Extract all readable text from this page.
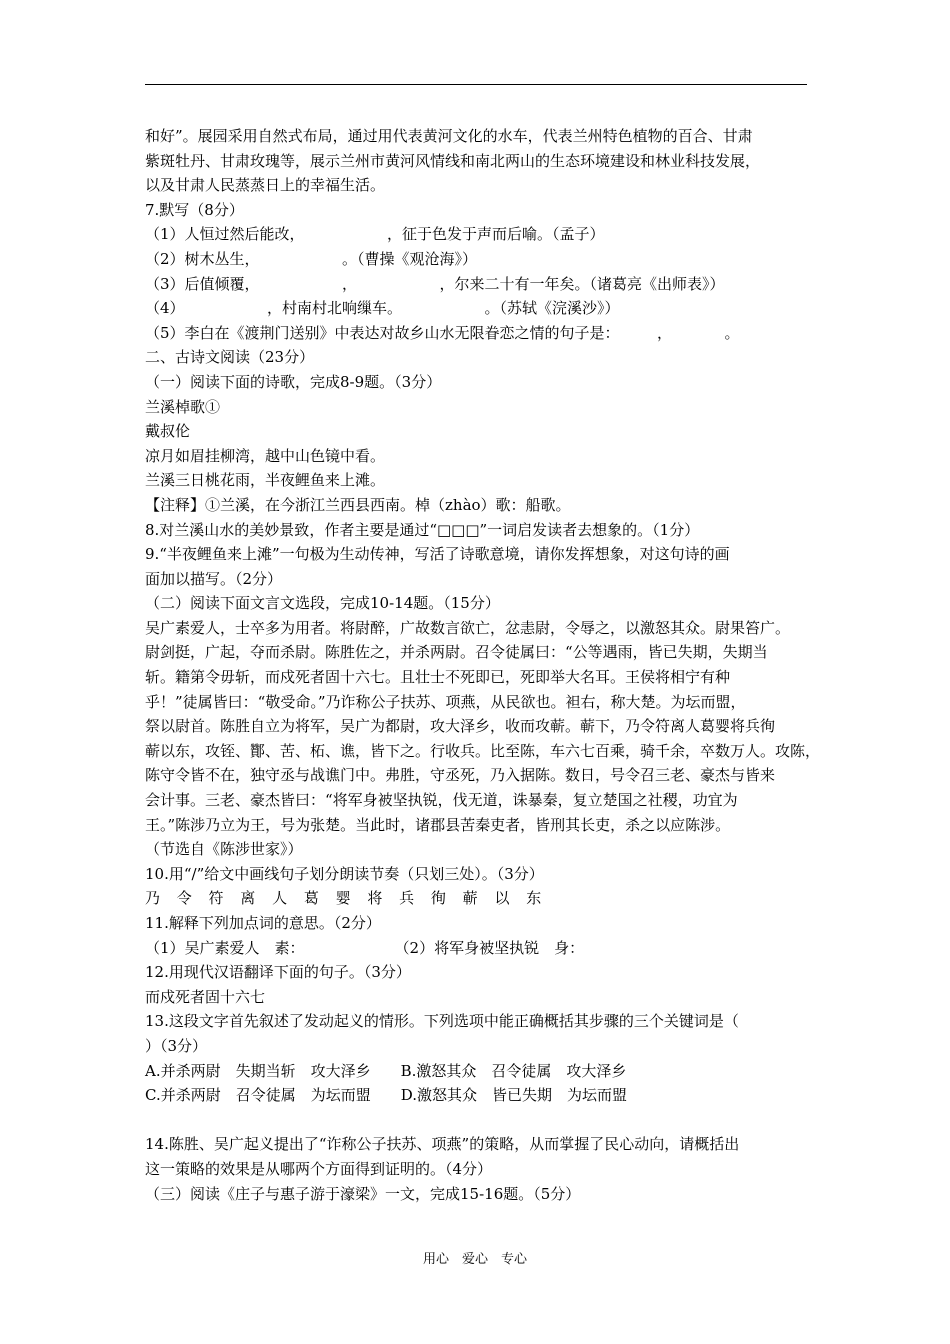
和好”。展园采用自然式布局，通过用代表黄河文化的水车，代表兰州特色植物的百合、甘肃
紫斑牡丹、甘肃玫瑰等，展示兰州市黄河风情线和南北两山的生态环境建设和林业科技发展，
以及甘肃人民蒸蒸日上的幸福生活。
7.默写（8分）
（1）人恒过然后能改，　　　　　　，征于色发于声而后喻。（孟子）
（2）树木丛生，　　　　　　。（曹操《观沧海》）
（3）后值倾覆，　　　　　　，　　　　　　，尔来二十有一年矣。（诸葛亮《出师表》）
（4）　　　　　　，村南村北响缫车。　　　　　　。（苏轼《浣溪沙》）
（5）李白在《渡荆门送别》中表达对故乡山水无限眷恋之情的句子是：　　　，　　　　。
二、古诗文阅读（23分）
（一）阅读下面的诗歌，完成8-9题。（3分）
兰溪棹歌①
戴叔伦
凉月如眉挂柳湾，越中山色镜中看。
兰溪三日桃花雨，半夜鲤鱼来上滩。
【注释】①兰溪，在今浙江兰西县西南。棹（zhào）歌：船歌。
8.对兰溪山水的美妙景致，作者主要是通过“□□□”一词启发读者去想象的。（1分）
9.“半夜鲤鱼来上滩”一句极为生动传神，写活了诗歌意境，请你发挥想象，对这句诗的画
面加以描写。（2分）
（二）阅读下面文言文选段，完成10-14题。（15分）
吴广素爱人，士卒多为用者。将尉醉，广故数言欲亡，忿恚尉，令辱之，以激怒其众。尉果笞广。
尉剑挺，广起，夺而杀尉。陈胜佐之，并杀两尉。召令徒属曰：“公等遇雨，皆已失期，失期当
斩。籍第令毋斩，而戍死者固十六七。且壮士不死即已，死即举大名耳。王侯将相宁有种
乎！”徒属皆曰：“敬受命。”乃诈称公子扶苏、项燕，从民欲也。袒右，称大楚。为坛而盟，
祭以尉首。陈胜自立为将军，吴广为都尉，攻大泽乡，收而攻蕲。蕲下，乃令符离人葛婴将兵徇
蕲以东，攻铚、酇、苦、柘、谯，皆下之。行收兵。比至陈，车六七百乘，骑千余，卒数万人。攻陈，
陈守令皆不在，独守丞与战谯门中。弗胜，守丞死，乃入据陈。数日，号令召三老、豪杰与皆来
会计事。三老、豪杰皆曰：“将军身被坚执锐，伐无道，诛暴秦，复立楚国之社稷，功宜为
王。”陈涉乃立为王，号为张楚。当此时，诸郡县苦秦吏者，皆刑其长吏，杀之以应陈涉。
（节选自《陈涉世家》）
10.用“/”给文中画线句子划分朗读节奏（只划三处）。（3分）
乃 令 符 离 人 葛 婴 将 兵 徇 蕲 以 东
11.解释下列加点词的意思。（2分）
（1）吴广素爱人　素：　　　　　　　（2）将军身被坚执锐　身：
12.用现代汉语翻译下面的句子。（3分）
而戍死者固十六七
13.这段文字首先叙述了发动起义的情形。下列选项中能正确概括其步骤的三个关键词是（
）（3分）
A.并杀两尉　失期当斩　攻大泽乡　　B.激怒其众　召令徒属　攻大泽乡
C.并杀两尉　召令徒属　为坛而盟　　D.激怒其众　皆已失期　为坛而盟
14.陈胜、吴广起义提出了“诈称公子扶苏、项燕”的策略，从而掌握了民心动向，请概括出
这一策略的效果是从哪两个方面得到证明的。（4分）
（三）阅读《庄子与惠子游于濠梁》一文，完成15-16题。（5分）
用心　爱心　专心
